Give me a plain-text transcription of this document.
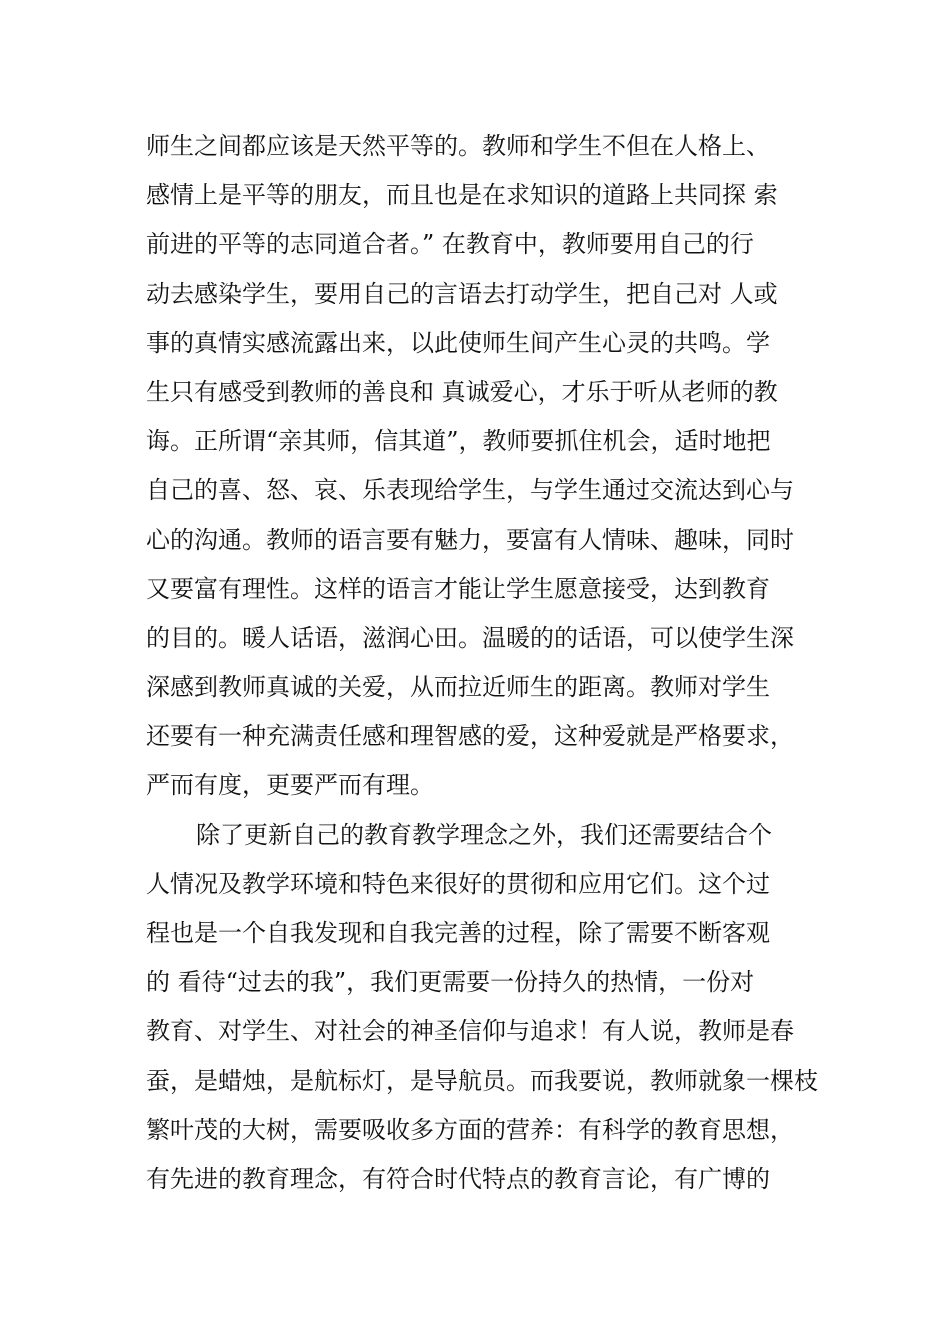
师生之间都应该是天然平等的。教师和学生不但在人格上、
感情上是平等的朋友，而且也是在求知识的道路上共同探 索
前进的平等的志同道合者。” 在教育中，教师要用自己的行
动去感染学生，要用自己的言语去打动学生，把自己对 人或
事的真情实感流露出来，以此使师生间产生心灵的共鸣。学
生只有感受到教师的善良和 真诚爱心，才乐于听从老师的教
诲。正所谓“亲其师，信其道”，教师要抓住机会，适时地把
自己的喜、怒、哀、乐表现给学生，与学生通过交流达到心与
心的沟通。教师的语言要有魅力，要富有人情味、趣味，同时
又要富有理性。这样的语言才能让学生愿意接受，达到教育
的目的。暖人话语，滋润心田。温暖的的话语，可以使学生深
深感到教师真诚的关爱，从而拉近师生的距离。教师对学生
还要有一种充满责任感和理智感的爱，这种爱就是严格要求，
严而有度，更要严而有理。
除了更新自己的教育教学理念之外，我们还需要结合个
人情况及教学环境和特色来很好的贯彻和应用它们。这个过
程也是一个自我发现和自我完善的过程，除了需要不断客观
的 看待“过去的我”，我们更需要一份持久的热情，一份对
教育、对学生、对社会的神圣信仰与追求！有人说，教师是春
蚕，是蜡烛，是航标灯，是导航员。而我要说，教师就象一棵枝
繁叶茂的大树，需要吸收多方面的营养：有科学的教育思想，
有先进的教育理念，有符合时代特点的教育言论，有广博的
